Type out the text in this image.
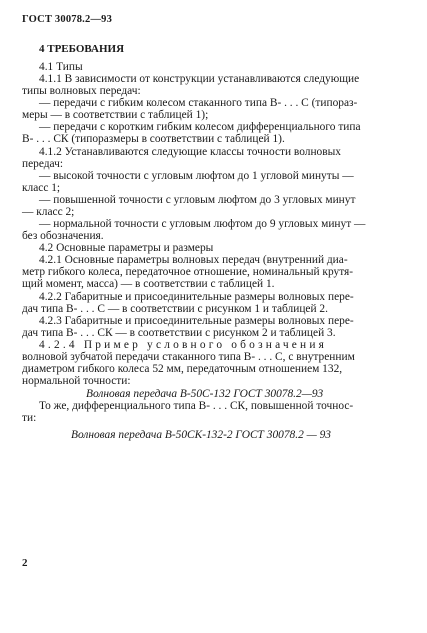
ГОСТ 30078.2—93
4 ТРЕБОВАНИЯ
4.1 Типы
4.1.1 В зависимости от конструкции устанавливаются следующие
типы волновых передач:
— передачи с гибким колесом стаканного типа В- . . . С (типораз-
меры — в соответствии с таблицей 1);
— передачи с коротким гибким колесом дифференциального типа
В- . . . СК (типоразмеры в соответствии с таблицей 1).
4.1.2 Устанавливаются следующие классы точности волновых
передач:
— высокой точности с угловым люфтом до 1 угловой минуты —
класс 1;
— повышенной точности с угловым люфтом до 3 угловых минут
— класс 2;
— нормальной точности с угловым люфтом до 9 угловых минут —
без обозначения.
4.2 Основные параметры и размеры
4.2.1 Основные параметры волновых передач (внутренний диа-
метр гибкого колеса, передаточное отношение, номинальный крутя-
щий момент, масса) — в соответствии с таблицей 1.
4.2.2 Габаритные и присоединительные размеры волновых пере-
дач типа В- . . . С — в соответствии с рисунком 1 и таблицей 2.
4.2.3 Габаритные и присоединительные размеры волновых пере-
дач типа В- . . . СК — в соответствии с рисунком 2 и таблицей 3.
4.2.4 Пример условного обозначения
волновой зубчатой передачи стаканного типа В- . . . С, с внутренним
диаметром гибкого колеса 52 мм, передаточным отношением 132,
нормальной точности:
Волновая передача В-50С-132 ГОСТ 30078.2—93
То же, дифференциального типа В- . . . СК, повышенной точнос-
ти:
Волновая передача В-50СК-132-2 ГОСТ 30078.2 — 93
2
